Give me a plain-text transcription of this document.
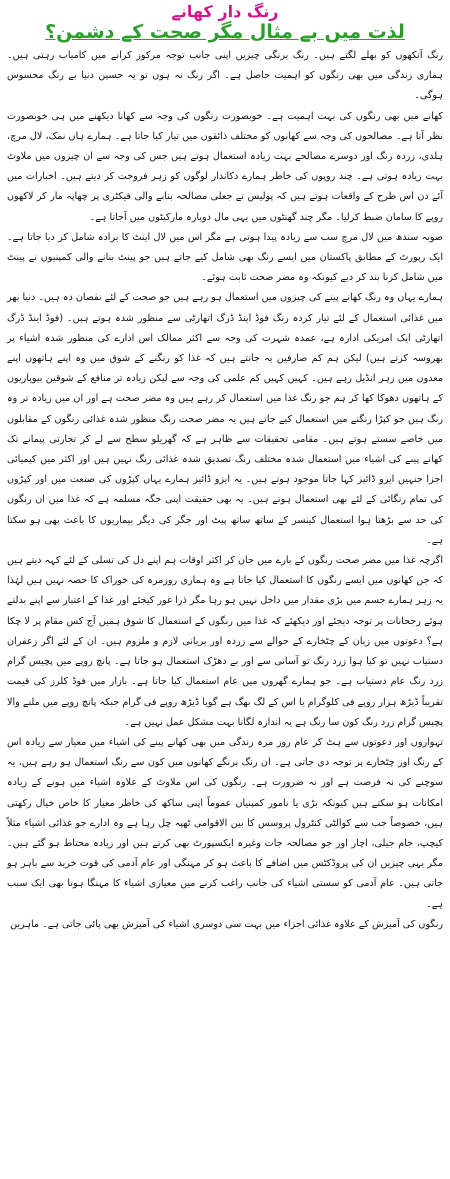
رنگ دار کھانے
لذت میں بے مثال مگر صحت کے دشمن؟

رنگ آنکھوں کو بھلے لگتے ہیں۔ رنگ برنگی چیزیں اپنی جانب توجہ مرکوز کرانے میں کامیاب رہتی ہیں۔ ہماری زندگی میں بھی رنگوں کو اہمیت حاصل ہے۔ اگر رنگ نہ ہوں تو یہ حسین دنیا بے رنگ محسوس ہوگی۔

کھانے میں بھی رنگوں کی بہت اہمیت ہے۔ خوبصورت رنگوں کی وجہ سے کھانا دیکھنے میں ہی خوبصورت نظر آتا ہے۔ مصالحوں کی وجہ سے کھانوں کو مختلف ذائقوں میں تیار کیا جاتا ہے۔ ہمارے ہاں نمک، لال مرچ، ہلدی، زردہ رنگ اور دوسرے مصالحے بہت زیادہ استعمال ہوتے ہیں جس کی وجہ سے ان چیزوں میں ملاوٹ بہت زیادہ ہوتی ہے۔ چند روپوں کی خاطر ہمارے دکاندار لوگوں کو زہر فروخت کر دیتے ہیں۔ اخبارات میں آئے دن اس طرح کے واقعات ہوتے ہیں کہ پولیس نے جعلی مصالحہ بنانے والی فیکٹری پر چھاپہ مار کر لاکھوں روپے کا سامان ضبط کرلیا۔ مگر چند گھنٹوں میں یہی مال دوبارہ مارکیٹوں میں آجاتا ہے۔

صوبہ سندھ میں لال مرچ سب سے زیادہ پیدا ہوتی ہے مگر اس میں لال اینٹ کا برادہ شامل کر دیا جاتا ہے۔ ایک رپورٹ کے مطابق پاکستان میں ایسے رنگ بھی شامل کیے جاتے ہیں جو پینٹ بنانے والی کمپنیوں نے پینٹ میں شامل کرنا بند کر دیے کیونکہ وہ مضر صحت ثابت ہوئے۔

ہمارے یہاں وہ رنگ کھانے پینے کی چیزوں میں استعمال ہو رہے ہیں جو صحت کے لئے نقصان دہ ہیں۔ دنیا بھر میں غذائی استعمال کے لئے تیار کردہ رنگ فوڈ اینڈ ڈرگ اتھارٹی سے منظور شدہ ہوتے ہیں۔ (فوڈ اینڈ ڈرگ اتھارٹی ایک امریکی ادارہ ہے، عمدہ شہرت کی وجہ سے اکثر ممالک اس ادارے کی منظور شدہ اشیاء پر بھروسہ کرتے ہیں) لیکن ہم کم صارفین یہ جانتے ہیں کہ غذا کو رنگنے کے شوق میں وہ اپنے ہاتھوں اپنے معدوں میں زہر انڈیل رہے ہیں۔ کہیں کہیں کم علمی کی وجہ سے لیکن زیادہ تر منافع کے شوقین بیوپاریوں کے ہاتھوں دھوکا کھا کر ہم جو رنگ غذا میں استعمال کر رہے ہیں وہ مضر صحت ہے اور ان میں زیادہ تر وہ رنگ ہیں جو کپڑا رنگنے میں استعمال کیے جاتے ہیں یہ مضر صحت رنگ منظور شدہ غذائی رنگوں کے مقابلوں میں خاصے سستے ہوتے ہیں۔ مقامی تحقیقات سے ظاہر ہے کہ گھریلو سطح سے لے کر تجارتی پیمانے تک کھانے پینے کی اشیاء میں استعمال شدہ مختلف رنگ تصدیق شدہ غذائی رنگ نہیں ہیں اور اکثر میں کیمیائی اجزا جنہیں ایزو ڈائیز کہا جاتا موجود ہوتے ہیں۔ یہ ایزو ڈائیز ہمارے یہاں کپڑوں کی صنعت میں اور کپڑوں کی تمام رنگائی کے لئے بھی استعمال ہوتے ہیں۔ یہ بھی حقیقت اپنی جگہ مسلمہ ہے کہ غذا میں ان رنگوں کی حد سے بڑھتا ہوا استعمال کینسر کے ساتھ ساتھ پیٹ اور جگر کی دیگر بیماریوں کا باعث بھی ہو سکتا ہے۔

اگرچہ غذا میں مضر صحت رنگوں کے بارے میں جان کر اکثر اوقات ہم اپنے دل کی تسلی کے لئے کہہ دیتے ہیں کہ جن کھانوں میں ایسے رنگوں کا استعمال کیا جاتا ہے وہ ہماری روزمرہ کی خوراک کا حصہ نہیں ہیں لہٰذا یہ زہر ہمارے جسم میں بڑی مقدار میں داخل نہیں ہو رہا مگر ذرا غور کیجئے اور غذا کے اعتبار سے اپنے بدلتے ہوئے رجحانات پر توجہ دیجئے اور دیکھئے کہ غذا میں رنگوں کے استعمال کا شوق ہمیں آج کس مقام پر لا چکا ہے؟ دعوتوں میں زبان کے چٹخارے کے حوالے سے زردہ اور بریانی لازم و ملزوم ہیں۔ ان کے لئے اگر زعفران دستیاب نہیں تو کیا ہوا زرد رنگ تو آسانی سے اور بے دھڑک استعمال ہو جاتا ہے۔ پانچ روپے میں پچیس گرام زرد رنگ عام دستیاب ہے۔ جو ہمارے گھروں میں عام استعمال کیا جاتا ہے۔ بازار میں فوڈ کلرز کی قیمت تقریباً ڈیڑھ ہزار روپے فی کلوگرام یا اس کے لگ بھگ ہے گویا ڈیڑھ روپے فی گرام جبکہ پانچ روپے میں ملنے والا پچیس گرام زرد رنگ کون سا رنگ ہے یہ اندازہ لگانا بہت مشکل عمل نہیں ہے۔

تہواروں اور دعوتوں سے ہٹ کر عام روز مرہ زندگی میں بھی کھانے پینے کی اشیاء میں معیار سے زیادہ اس کے رنگ اور چٹخارے پر توجہ دی جاتی ہے۔ ان رنگ برنگے کھانوں میں کون سے رنگ استعمال ہو رہے ہیں، یہ سوچنے کی نہ فرصت ہے اور نہ ضرورت ہے۔ رنگوں کی اس ملاوٹ کے علاوہ اشیاء میں ہونے کے زیادہ امکانات ہو سکتے ہیں کیونکہ بڑی یا نامور کمپنیاں عموماً اپنی ساکھ کی خاطر معیار کا خاص خیال رکھتی ہیں، خصوصاً جب سے کوالٹی کنٹرول پروسس کا بین الاقوامی ٹھپہ چل رہا ہے وہ ادارے جو غذائی اشیاء مثلاً کیچپ، جام جیلی، اچار اور جو مصالحہ جات وغیرہ ایکسپورٹ بھی کرتے ہیں اور زیادہ محتاط ہو گئے ہیں۔ مگر یہی چیزیں ان کی پروڈکٹس میں اضافے کا باعث ہو کر مہنگی اور عام آدمی کی قوت خرید سے باہر ہو جاتی ہیں۔ عام آدمی کو سستی اشیاء کی جانب راغب کرنے میں معیاری اشیاء کا مہنگا ہونا بھی ایک سبب ہے۔

رنگوں کی آمیزش کے علاوہ غذائی اجزاء میں بہت سی دوسری اشیاء کی آمیزش بھی پائی جاتی ہے۔ ماہرین
